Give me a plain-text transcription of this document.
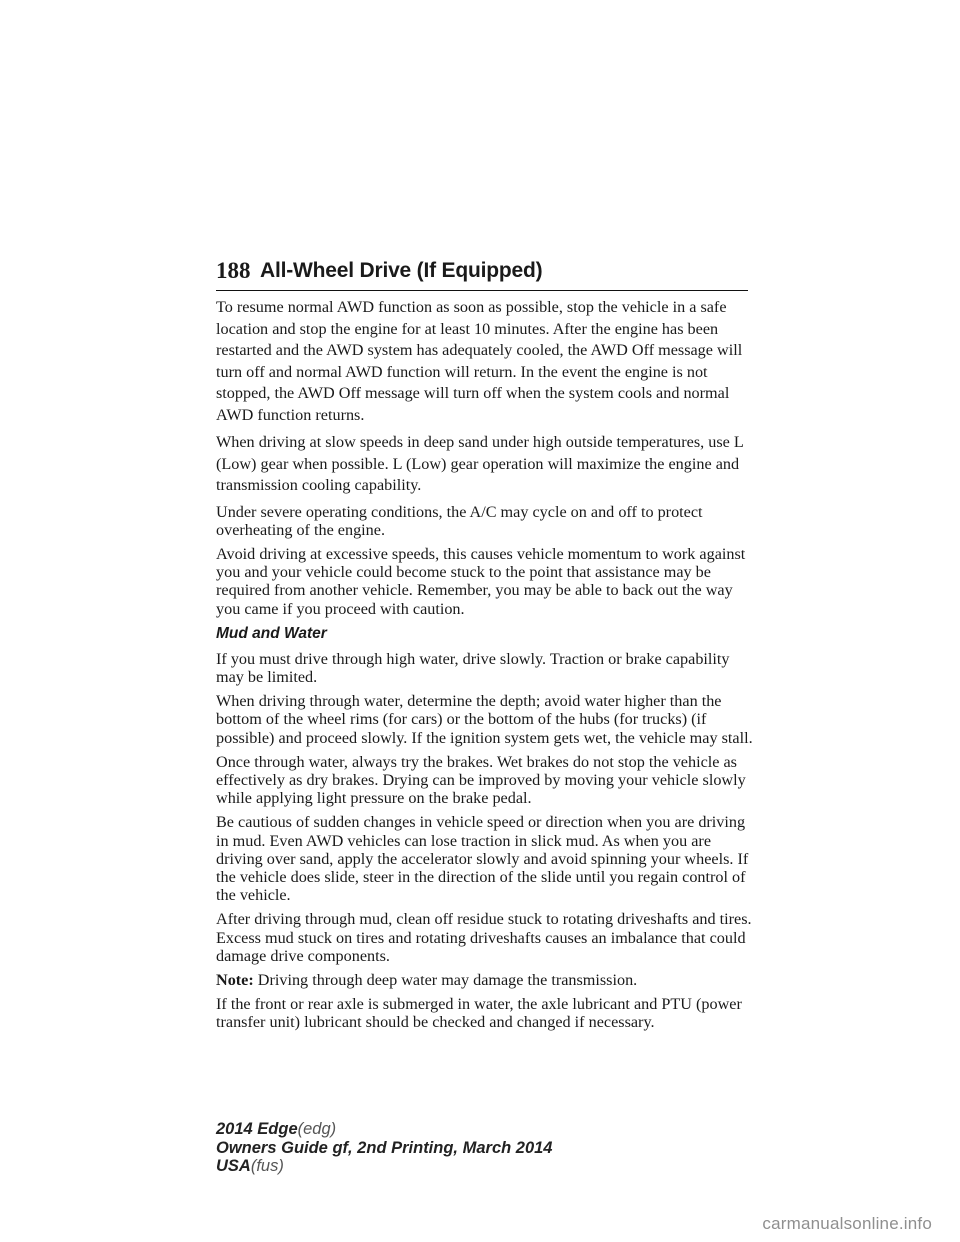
188 All-Wheel Drive (If Equipped)

To resume normal AWD function as soon as possible, stop the vehicle in a safe location and stop the engine for at least 10 minutes. After the engine has been restarted and the AWD system has adequately cooled, the AWD Off message will turn off and normal AWD function will return. In the event the engine is not stopped, the AWD Off message will turn off when the system cools and normal AWD function returns.

When driving at slow speeds in deep sand under high outside temperatures, use L (Low) gear when possible. L (Low) gear operation will maximize the engine and transmission cooling capability.

Under severe operating conditions, the A/C may cycle on and off to protect overheating of the engine.

Avoid driving at excessive speeds, this causes vehicle momentum to work against you and your vehicle could become stuck to the point that assistance may be required from another vehicle. Remember, you may be able to back out the way you came if you proceed with caution.

Mud and Water

If you must drive through high water, drive slowly. Traction or brake capability may be limited.

When driving through water, determine the depth; avoid water higher than the bottom of the wheel rims (for cars) or the bottom of the hubs (for trucks) (if possible) and proceed slowly. If the ignition system gets wet, the vehicle may stall.

Once through water, always try the brakes. Wet brakes do not stop the vehicle as effectively as dry brakes. Drying can be improved by moving your vehicle slowly while applying light pressure on the brake pedal.

Be cautious of sudden changes in vehicle speed or direction when you are driving in mud. Even AWD vehicles can lose traction in slick mud. As when you are driving over sand, apply the accelerator slowly and avoid spinning your wheels. If the vehicle does slide, steer in the direction of the slide until you regain control of the vehicle.

After driving through mud, clean off residue stuck to rotating driveshafts and tires. Excess mud stuck on tires and rotating driveshafts causes an imbalance that could damage drive components.

Note: Driving through deep water may damage the transmission.

If the front or rear axle is submerged in water, the axle lubricant and PTU (power transfer unit) lubricant should be checked and changed if necessary.

2014 Edge(edg)
Owners Guide gf, 2nd Printing, March 2014
USA(fus)
carmanualsonline.info
